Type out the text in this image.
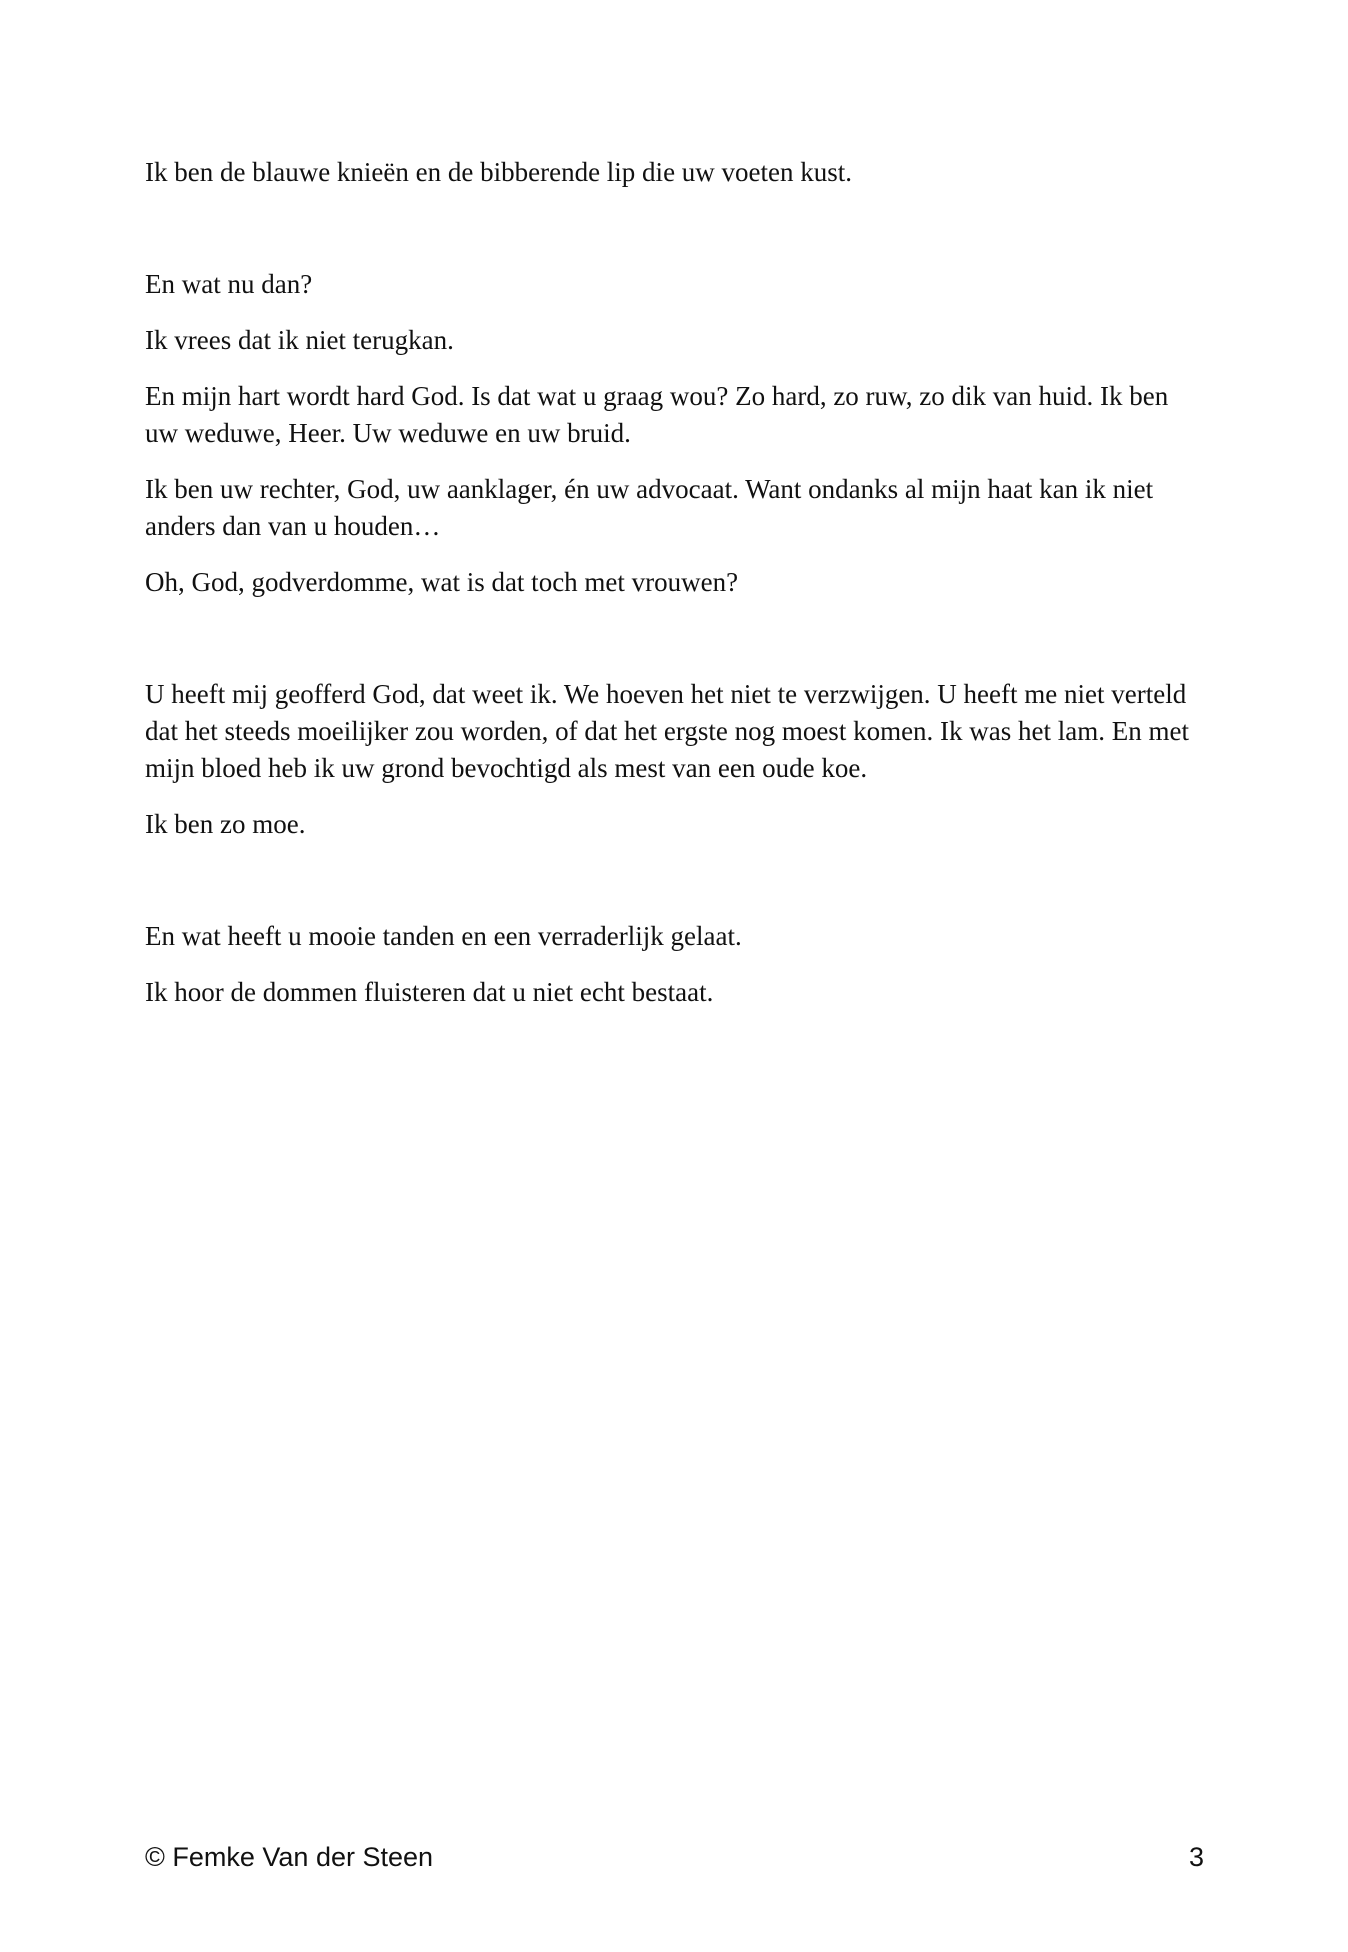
Ik ben de blauwe knieën en de bibberende lip die uw voeten kust.

En wat nu dan?

Ik vrees dat ik niet terugkan.

En mijn hart wordt hard God. Is dat wat u graag wou? Zo hard, zo ruw, zo dik van huid. Ik ben uw weduwe, Heer. Uw weduwe en uw bruid.

Ik ben uw rechter, God, uw aanklager, én uw advocaat. Want ondanks al mijn haat kan ik niet anders dan van u houden…

Oh, God, godverdomme, wat is dat toch met vrouwen?

U heeft mij geofferd God, dat weet ik. We hoeven het niet te verzwijgen. U heeft me niet verteld dat het steeds moeilijker zou worden, of dat het ergste nog moest komen. Ik was het lam. En met mijn bloed heb ik uw grond bevochtigd als mest van een oude koe.

Ik ben zo moe.

En wat heeft u mooie tanden en een verraderlijk gelaat.

Ik hoor de dommen fluisteren dat u niet echt bestaat.

© Femke Van der Steen	3
